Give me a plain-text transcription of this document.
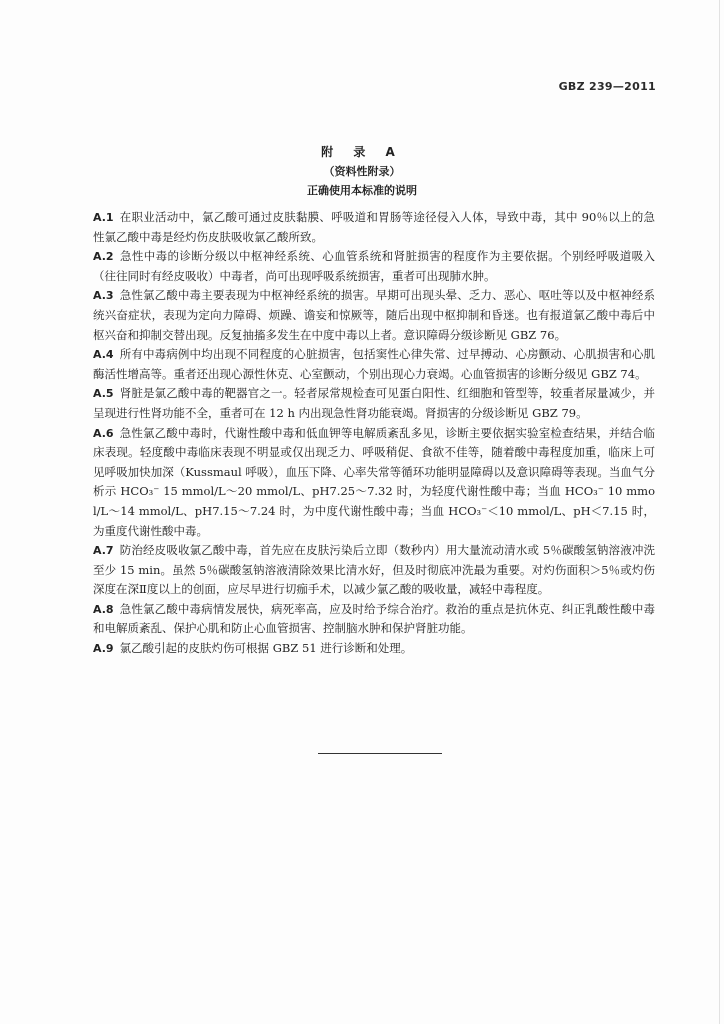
GBZ 239—2011
附 录 A
（资料性附录）
正确使用本标准的说明

A.1 在职业活动中，氯乙酸可通过皮肤黏膜、呼吸道和胃肠等途径侵入人体，导致中毒，其中 90％以上的急性氯乙酸中毒是经灼伤皮肤吸收氯乙酸所致。

A.2 急性中毒的诊断分级以中枢神经系统、心血管系统和肾脏损害的程度作为主要依据。个别经呼吸道吸入（往往同时有经皮吸收）中毒者，尚可出现呼吸系统损害，重者可出现肺水肿。

A.3 急性氯乙酸中毒主要表现为中枢神经系统的损害。早期可出现头晕、乏力、恶心、呕吐等以及中枢神经系统兴奋症状，表现为定向力障碍、烦躁、谵妄和惊厥等，随后出现中枢抑制和昏迷。也有报道氯乙酸中毒后中枢兴奋和抑制交替出现。反复抽搐多发生在中度中毒以上者。意识障碍分级诊断见 GBZ 76。

A.4 所有中毒病例中均出现不同程度的心脏损害，包括窦性心律失常、过早搏动、心房颤动、心肌损害和心肌酶活性增高等。重者还出现心源性休克、心室颤动，个别出现心力衰竭。心血管损害的诊断分级见 GBZ 74。

A.5 肾脏是氯乙酸中毒的靶器官之一。轻者尿常规检查可见蛋白阳性、红细胞和管型等，较重者尿量减少，并呈现进行性肾功能不全，重者可在 12 h 内出现急性肾功能衰竭。肾损害的分级诊断见 GBZ 79。

A.6 急性氯乙酸中毒时，代谢性酸中毒和低血钾等电解质紊乱多见，诊断主要依据实验室检查结果，并结合临床表现。轻度酸中毒临床表现不明显或仅出现乏力、呼吸稍促、食欲不佳等，随着酸中毒程度加重，临床上可见呼吸加快加深（Kussmaul 呼吸），血压下降、心率失常等循环功能明显障碍以及意识障碍等表现。当血气分析示 HCO₃⁻ 15 mmol/L～20 mmol/L、pH7.25～7.32 时，为轻度代谢性酸中毒；当血 HCO₃⁻ 10 mmol/L～14 mmol/L、pH7.15～7.24 时，为中度代谢性酸中毒；当血 HCO₃⁻＜10 mmol/L、pH＜7.15 时，为重度代谢性酸中毒。

A.7 防治经皮吸收氯乙酸中毒，首先应在皮肤污染后立即（数秒内）用大量流动清水或 5％碳酸氢钠溶液冲洗至少 15 min。虽然 5％碳酸氢钠溶液清除效果比清水好，但及时彻底冲洗最为重要。对灼伤面积＞5％或灼伤深度在深Ⅱ度以上的创面，应尽早进行切痂手术，以减少氯乙酸的吸收量，减轻中毒程度。

A.8 急性氯乙酸中毒病情发展快，病死率高，应及时给予综合治疗。救治的重点是抗休克、纠正乳酸性酸中毒和电解质紊乱、保护心肌和防止心血管损害、控制脑水肿和保护肾脏功能。

A.9 氯乙酸引起的皮肤灼伤可根据 GBZ 51 进行诊断和处理。
